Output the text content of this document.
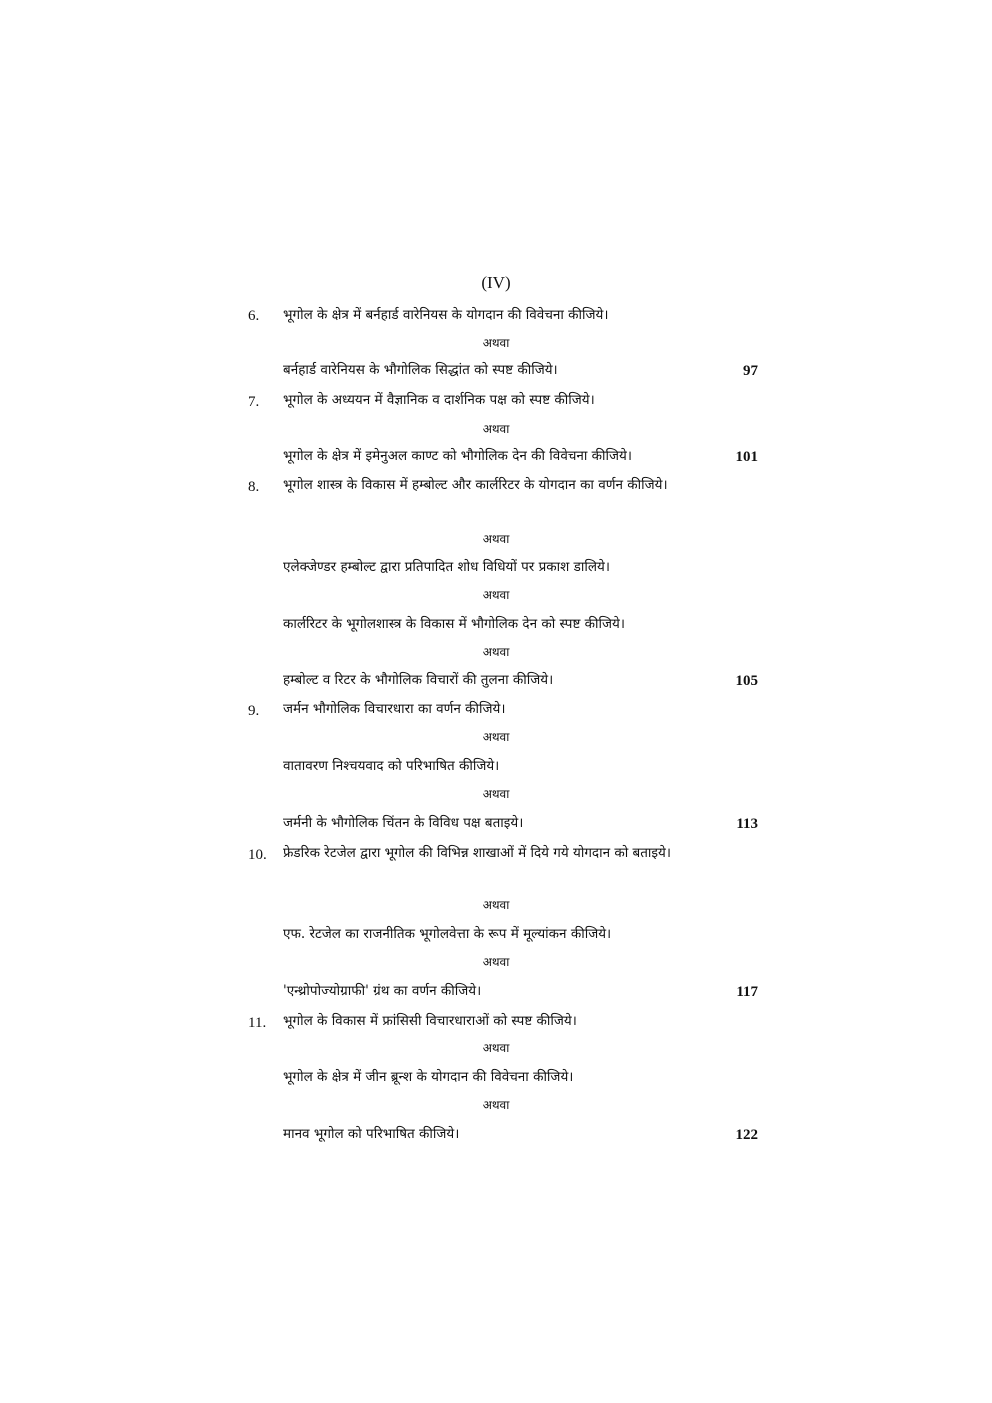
(IV)
6. भूगोल के क्षेत्र में बर्नहार्ड वारेनियस के योगदान की विवेचना कीजिये।
अथवा
बर्नहार्ड वारेनियस के भौगोलिक सिद्धांत को स्पष्ट कीजिये।	97
7. भूगोल के अध्ययन में वैज्ञानिक व दार्शनिक पक्ष को स्पष्ट कीजिये।
अथवा
भूगोल के क्षेत्र में इमेनुअल काण्ट को भौगोलिक देन की विवेचना कीजिये।	101
8. भूगोल शास्त्र के विकास में हम्बोल्ट और कार्लरिटर के योगदान का वर्णन कीजिये।
अथवा
एलेक्जेण्डर हम्बोल्ट द्वारा प्रतिपादित शोध विधियों पर प्रकाश डालिये।
अथवा
कार्लरिटर के भूगोलशास्त्र के विकास में भौगोलिक देन को स्पष्ट कीजिये।
अथवा
हम्बोल्ट व रिटर के भौगोलिक विचारों की तुलना कीजिये।	105
9. जर्मन भौगोलिक विचारधारा का वर्णन कीजिये।
अथवा
वातावरण निश्चयवाद को परिभाषित कीजिये।
अथवा
जर्मनी के भौगोलिक चिंतन के विविध पक्ष बताइये।	113
10. फ्रेडरिक रेटजेल द्वारा भूगोल की विभिन्न शाखाओं में दिये गये योगदान को बताइये।
अथवा
एफ. रेटजेल का राजनीतिक भूगोलवेत्ता के रूप में मूल्यांकन कीजिये।
अथवा
'एन्थ्रोपोज्योग्राफी' ग्रंथ का वर्णन कीजिये।	117
11. भूगोल के विकास में फ्रांसिसी विचारधाराओं को स्पष्ट कीजिये।
अथवा
भूगोल के क्षेत्र में जीन ब्रून्श के योगदान की विवेचना कीजिये।
अथवा
मानव भूगोल को परिभाषित कीजिये।	122
